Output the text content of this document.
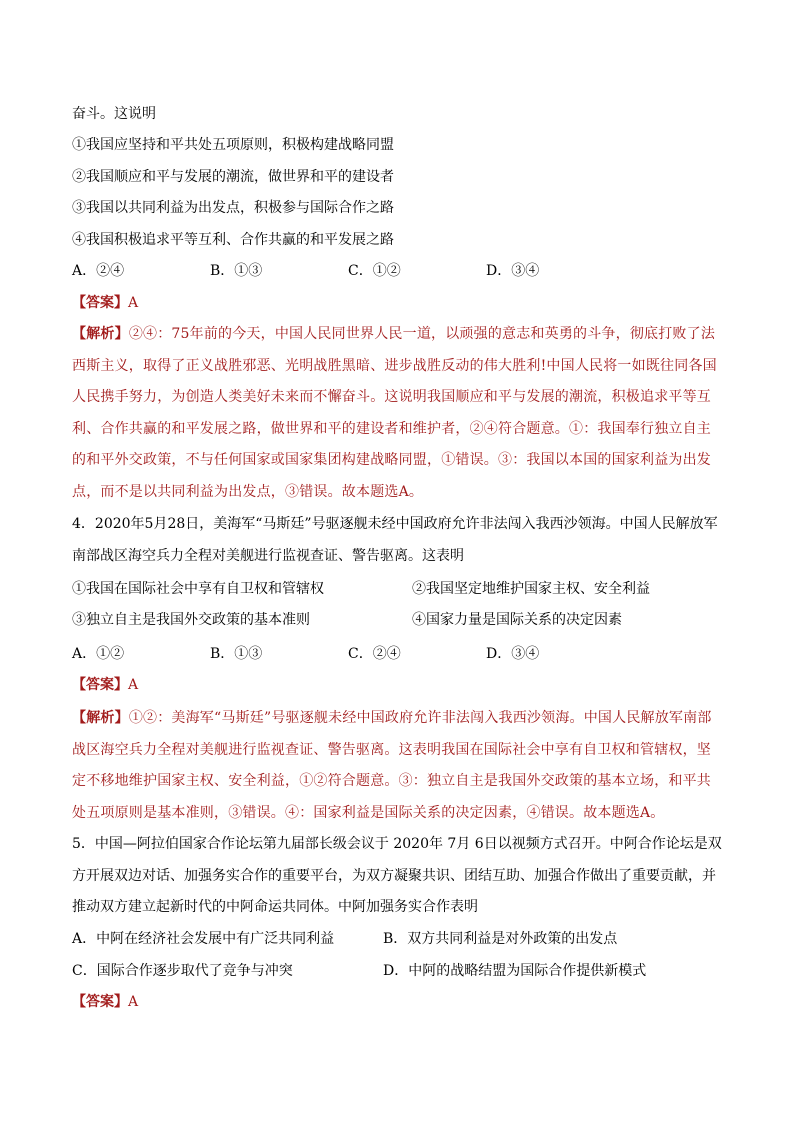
奋斗。这说明
①我国应坚持和平共处五项原则，积极构建战略同盟
②我国顺应和平与发展的潮流，做世界和平的建设者
③我国以共同利益为出发点，积极参与国际合作之路
④我国积极追求平等互利、合作共赢的和平发展之路
A．②④	B．①③	C．①②	D．③④
【答案】A
【解析】②④：75年前的今天，中国人民同世界人民一道，以顽强的意志和英勇的斗争，彻底打败了法西斯主义，取得了正义战胜邪恶、光明战胜黑暗、进步战胜反动的伟大胜利!中国人民将一如既往同各国人民携手努力，为创造人类美好未来而不懈奋斗。这说明我国顺应和平与发展的潮流，积极追求平等互利、合作共赢的和平发展之路，做世界和平的建设者和维护者，②④符合题意。①：我国奉行独立自主的和平外交政策，不与任何国家或国家集团构建战略同盟，①错误。③：我国以本国的国家利益为出发点，而不是以共同利益为出发点，③错误。故本题选A。
4．2020年5月28日，美海军“马斯廷”号驱逐舰未经中国政府允许非法闯入我西沙领海。中国人民解放军
南部战区海空兵力全程对美舰进行监视查证、警告驱离。这表明
①我国在国际社会中享有自卫权和管辖权	②我国坚定地维护国家主权、安全利益
③独立自主是我国外交政策的基本准则	④国家力量是国际关系的决定因素
A．①②	B．①③	C．②④	D．③④
【答案】A
【解析】①②：美海军“马斯廷”号驱逐舰未经中国政府允许非法闯入我西沙领海。中国人民解放军南部战区海空兵力全程对美舰进行监视查证、警告驱离。这表明我国在国际社会中享有自卫权和管辖权，坚定不移地维护国家主权、安全利益，①②符合题意。③：独立自主是我国外交政策的基本立场，和平共处五项原则是基本准则，③错误。④：国家利益是国际关系的决定因素，④错误。故本题选A。
5．中国—阿拉伯国家合作论坛第九届部长级会议于 2020年 7月 6日以视频方式召开。中阿合作论坛是双
方开展双边对话、加强务实合作的重要平台，为双方凝聚共识、团结互助、加强合作做出了重要贡献，并
推动双方建立起新时代的中阿命运共同体。中阿加强务实合作表明
A．中阿在经济社会发展中有广泛共同利益	B．双方共同利益是对外政策的出发点
C．国际合作逐步取代了竞争与冲突	D．中阿的战略结盟为国际合作提供新模式
【答案】A
